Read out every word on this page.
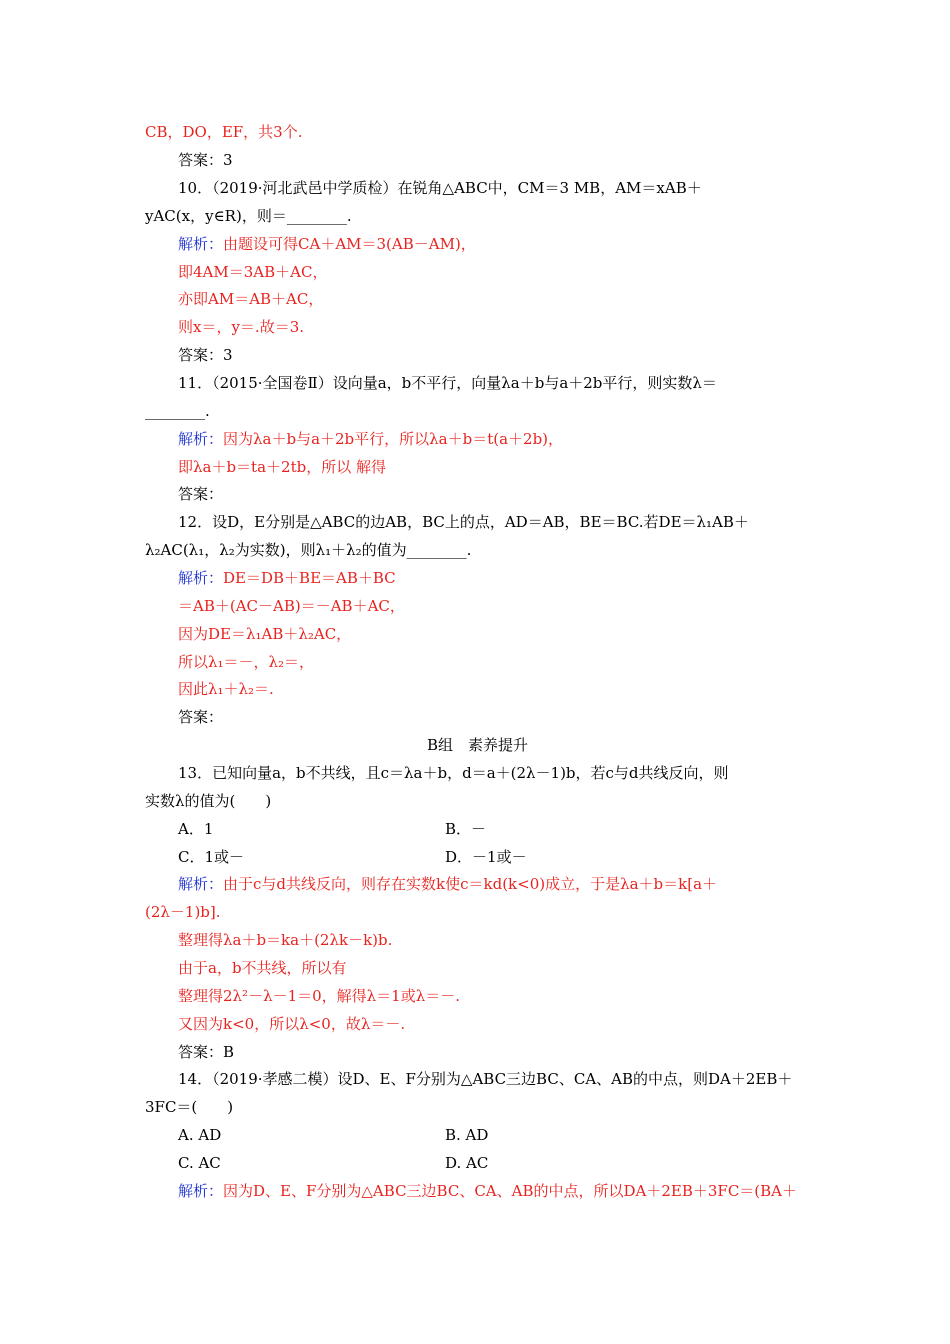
CB，DO，EF，共3个.
答案：3
10．（2019·河北武邑中学质检）在锐角△ABC中，CM＝3 MB，AM＝xAB＋
yAC(x，y∈R)，则＝________.
解析：由题设可得CA＋AM＝3(AB－AM)，
即4AM＝3AB＋AC，
亦即AM＝AB＋AC，
则x＝，y＝.故＝3.
答案：3
11．（2015·全国卷Ⅱ）设向量a，b不平行，向量λa＋b与a＋2b平行，则实数λ＝
________.
解析：因为λa＋b与a＋2b平行，所以λa＋b＝t(a＋2b)，
即λa＋b＝ta＋2tb，所以 解得
答案：
12．设D，E分别是△ABC的边AB，BC上的点，AD＝AB，BE＝BC.若DE＝λ₁AB＋
λ₂AC(λ₁，λ₂为实数)，则λ₁＋λ₂的值为________.
解析：DE＝DB＋BE＝AB＋BC
＝AB＋(AC－AB)＝－AB＋AC，
因为DE＝λ₁AB＋λ₂AC，
所以λ₁＝－，λ₂＝，
因此λ₁＋λ₂＝.
答案：
B组　素养提升
13．已知向量a，b不共线，且c＝λa＋b，d＝a＋(2λ－1)b，若c与d共线反向，则
实数λ的值为(　　)
A．1	B．－
C．1或－	D．－1或－
解析：由于c与d共线反向，则存在实数k使c＝kd(k<0)成立，于是λa＋b＝k[a＋
(2λ－1)b].
整理得λa＋b＝ka＋(2λk－k)b.
由于a，b不共线，所以有
整理得2λ²－λ－1＝0，解得λ＝1或λ＝－.
又因为k<0，所以λ<0，故λ＝－.
答案：B
14．（2019·孝感二模）设D、E、F分别为△ABC三边BC、CA、AB的中点，则DA＋2EB＋
3FC＝(　　)
A. AD	B. AD
C. AC	D. AC
解析：因为D、E、F分别为△ABC三边BC、CA、AB的中点，所以DA＋2EB＋3FC＝(BA＋
